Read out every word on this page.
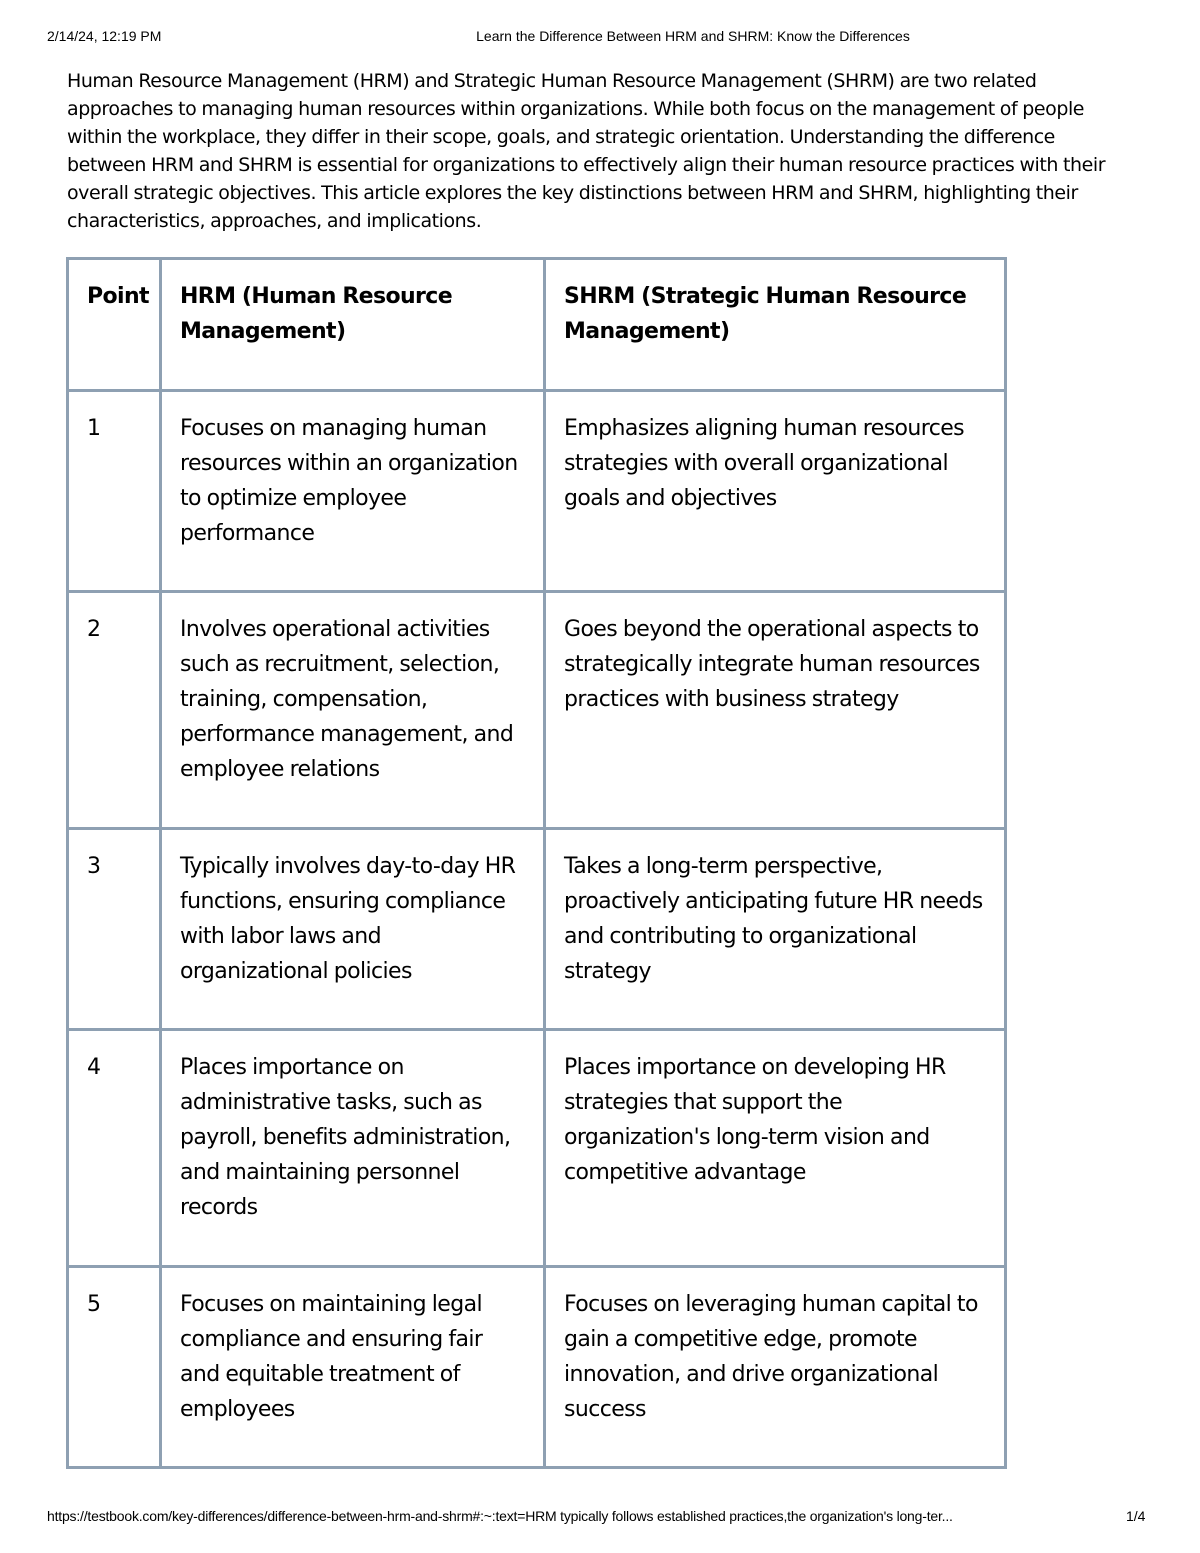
2/14/24, 12:19 PM	Learn the Difference Between HRM and SHRM: Know the Differences

Human Resource Management (HRM) and Strategic Human Resource Management (SHRM) are two related approaches to managing human resources within organizations. While both focus on the management of people within the workplace, they differ in their scope, goals, and strategic orientation. Understanding the difference between HRM and SHRM is essential for organizations to effectively align their human resource practices with their overall strategic objectives. This article explores the key distinctions between HRM and SHRM, highlighting their characteristics, approaches, and implications.

Point	HRM (Human Resource Management)	SHRM (Strategic Human Resource Management)
1	Focuses on managing human resources within an organization to optimize employee performance	Emphasizes aligning human resources strategies with overall organizational goals and objectives
2	Involves operational activities such as recruitment, selection, training, compensation, performance management, and employee relations	Goes beyond the operational aspects to strategically integrate human resources practices with business strategy
3	Typically involves day-to-day HR functions, ensuring compliance with labor laws and organizational policies	Takes a long-term perspective, proactively anticipating future HR needs and contributing to organizational strategy
4	Places importance on administrative tasks, such as payroll, benefits administration, and maintaining personnel records	Places importance on developing HR strategies that support the organization's long-term vision and competitive advantage
5	Focuses on maintaining legal compliance and ensuring fair and equitable treatment of employees	Focuses on leveraging human capital to gain a competitive edge, promote innovation, and drive organizational success
https://testbook.com/key-differences/difference-between-hrm-and-shrm#:~:text=HRM typically follows established practices,the organization's long-ter...	1/4
